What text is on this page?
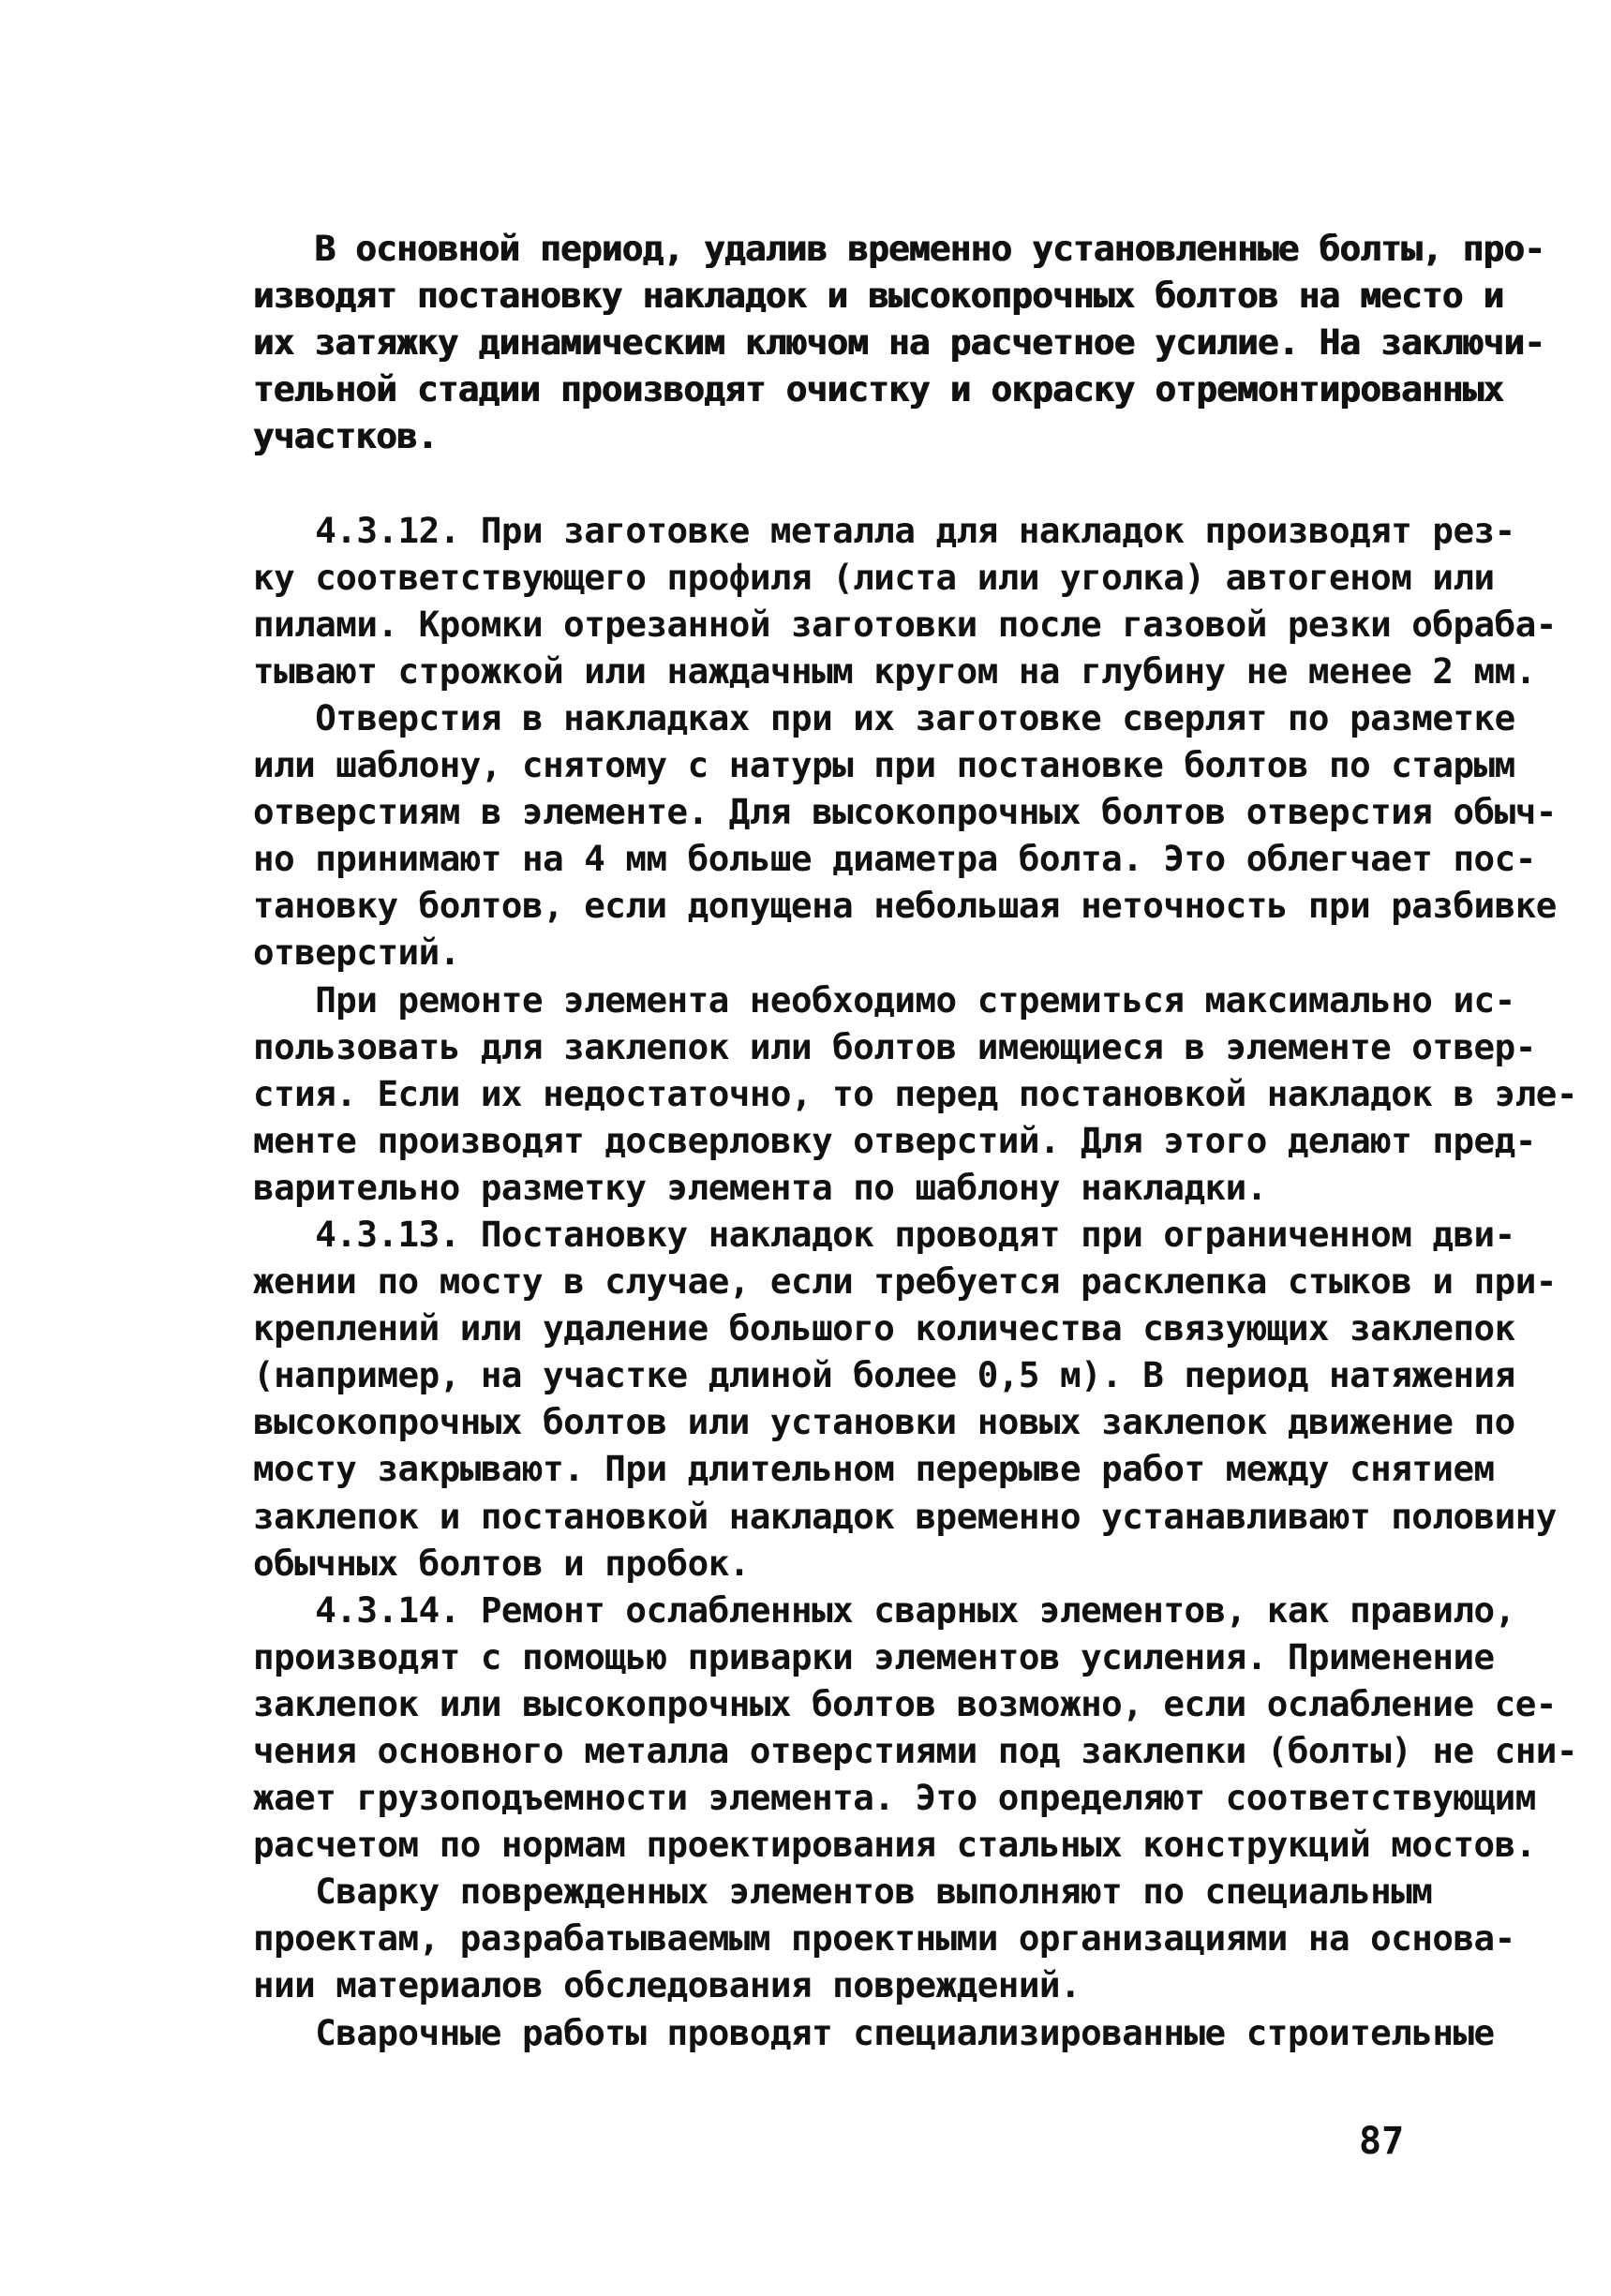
В основной период, удалив временно установленные болты, про-
изводят постановку накладок и высокопрочных болтов на место и
их затяжку динамическим ключом на расчетное усилие. На заключи-
тельной стадии производят очистку и окраску отремонтированных
участков.
4.3.12. При заготовке металла для накладок производят рез-
ку соответствующего профиля (листа или уголка) автогеном или
пилами. Кромки отрезанной заготовки после газовой резки обраба-
тывают строжкой или наждачным кругом на глубину не менее 2 мм.
Отверстия в накладках при их заготовке сверлят по разметке
или шаблону, снятому с натуры при постановке болтов по старым
отверстиям в элементе. Для высокопрочных болтов отверстия обыч-
но принимают на 4 мм больше диаметра болта. Это облегчает пос-
тановку болтов, если допущена небольшая неточность при разбивке
отверстий.
При ремонте элемента необходимо стремиться максимально ис-
пользовать для заклепок или болтов имеющиеся в элементе отвер-
стия. Если их недостаточно, то перед постановкой накладок в эле-
менте производят досверловку отверстий. Для этого делают пред-
варительно разметку элемента по шаблону накладки.
4.3.13. Постановку накладок проводят при ограниченном дви-
жении по мосту в случае, если требуется расклепка стыков и при-
креплений или удаление большого количества связующих заклепок
(например, на участке длиной более 0,5 м). В период натяжения
высокопрочных болтов или установки новых заклепок движение по
мосту закрывают. При длительном перерыве работ между снятием
заклепок и постановкой накладок временно устанавливают половину
обычных болтов и пробок.
4.3.14. Ремонт ослабленных сварных элементов, как правило,
производят с помощью приварки элементов усиления. Применение
заклепок или высокопрочных болтов возможно, если ослабление се-
чения основного металла отверстиями под заклепки (болты) не сни-
жает грузоподъемности элемента. Это определяют соответствующим
расчетом по нормам проектирования стальных конструкций мостов.
Сварку поврежденных элементов выполняют по специальным
проектам, разрабатываемым проектными организациями на основа-
нии материалов обследования повреждений.
Сварочные работы проводят специализированные строительные
87
